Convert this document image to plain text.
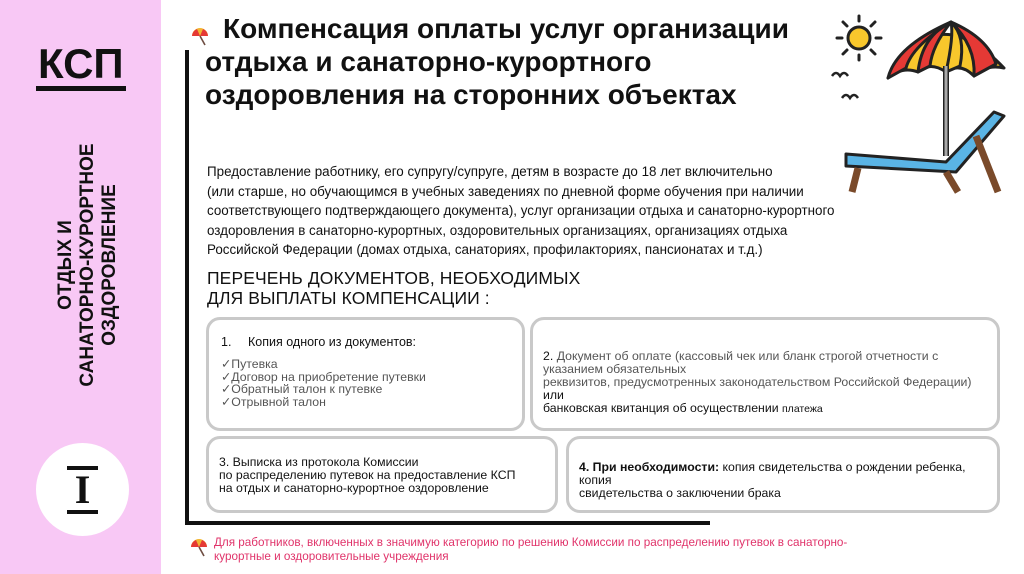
КСП
ОТДЫХ И САНАТОРНО-КУРОРТНОЕ ОЗДОРОВЛЕНИЕ
I
Компенсация оплаты услуг организации отдыха и санаторно-курортного оздоровления на сторонних объектах
Предоставление работнику, его супругу/супруге, детям в возрасте до 18 лет включительно
(или старше, но обучающимся в учебных заведениях по дневной форме обучения при наличии
соответствующего подтверждающего документа), услуг организации отдыха и санаторно-курортного
оздоровления в санаторно-курортных, оздоровительных организациях, организациях отдыха
Российской Федерации (домах отдыха, санаториях, профилакториях, пансионатах и т.д.)
ПЕРЕЧЕНЬ ДОКУМЕНТОВ, НЕОБХОДИМЫХ
ДЛЯ ВЫПЛАТЫ КОМПЕНСАЦИИ :
1. Копия одного из документов:
✓Путевка
✓Договор на приобретение путевки
✓Обратный талон к путевке
✓Отрывной талон
2. Документ об оплате (кассовый чек или бланк строгой отчетности с
указанием обязательных
реквизитов, предусмотренных законодательством Российской Федерации) или
банковская квитанция об осуществлении платежа
3. Выписка из протокола Комиссии
по распределению путевок на предоставление КСП
на отдых и санаторно-курортное оздоровление
4. При необходимости: копия свидетельства о рождении ребенка, копия
свидетельства о заключении брака
Для работников, включенных в значимую категорию по решению Комиссии по распределению путевок в санаторно-
курортные и оздоровительные учреждения
